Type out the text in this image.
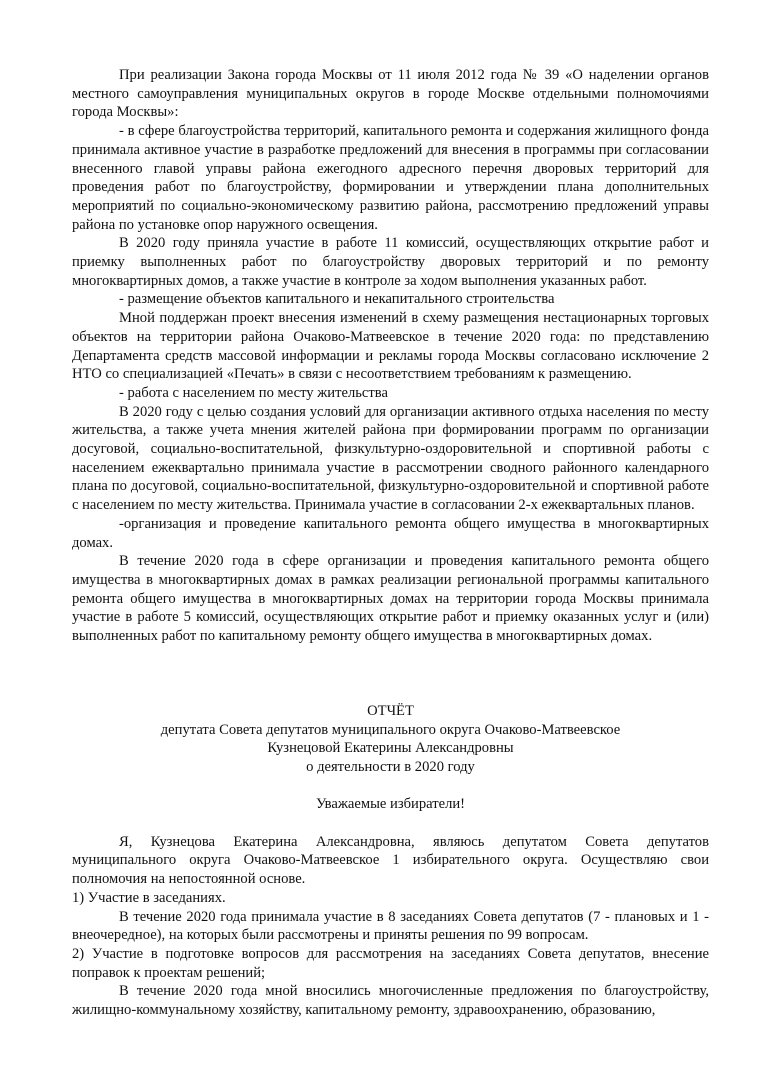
При реализации Закона города Москвы от 11 июля 2012 года № 39 «О наделении органов местного самоуправления муниципальных округов в городе Москве отдельными полномочиями города Москвы»:

- в сфере благоустройства территорий, капитального ремонта и содержания жилищного фонда принимала активное участие в разработке предложений для внесения в программы при согласовании внесенного главой управы района ежегодного адресного перечня дворовых территорий для проведения работ по благоустройству, формировании и утверждении плана дополнительных мероприятий по социально-экономическому развитию района, рассмотрению предложений управы района по установке опор наружного освещения.

В 2020 году приняла участие в работе 11 комиссий, осуществляющих открытие работ и приемку выполненных работ по благоустройству дворовых территорий и по ремонту многоквартирных домов, а также участие в контроле за ходом выполнения указанных работ.

- размещение объектов капитального и некапитального строительства

Мной поддержан проект внесения изменений в схему размещения нестационарных торговых объектов на территории района Очаково-Матвеевское в течение 2020 года: по представлению Департамента средств массовой информации и рекламы города Москвы согласовано исключение 2 НТО со специализацией «Печать» в связи с несоответствием требованиям к размещению.

- работа с населением по месту жительства

В 2020 году с целью создания условий для организации активного отдыха населения по месту жительства, а также учета мнения жителей района при формировании программ по организации досуговой, социально-воспитательной, физкультурно-оздоровительной и спортивной работы с населением ежеквартально принимала участие в рассмотрении сводного районного календарного плана по досуговой, социально-воспитательной, физкультурно-оздоровительной и спортивной работе с населением по месту жительства. Принимала участие в согласовании 2-х ежеквартальных планов.

-организация и проведение капитального ремонта общего имущества в многоквартирных домах.

В течение 2020 года в сфере организации и проведения капитального ремонта общего имущества в многоквартирных домах в рамках реализации региональной программы капитального ремонта общего имущества в многоквартирных домах на территории города Москвы принимала участие в работе 5 комиссий, осуществляющих открытие работ и приемку оказанных услуг и (или) выполненных работ по капитальному ремонту общего имущества в многоквартирных домах.

ОТЧЁТ

депутата Совета депутатов муниципального округа Очаково-Матвеевское

Кузнецовой Екатерины Александровны

о деятельности в 2020 году

Уважаемые избиратели!

Я, Кузнецова Екатерина Александровна, являюсь депутатом Совета депутатов муниципального округа Очаково-Матвеевское 1 избирательного округа. Осуществляю свои полномочия на непостоянной основе.

1) Участие в заседаниях.

В течение 2020 года принимала участие в 8 заседаниях Совета депутатов (7 - плановых и 1 - внеочередное), на которых были рассмотрены и приняты решения по 99 вопросам.

2) Участие в подготовке вопросов для рассмотрения на заседаниях Совета депутатов, внесение поправок к проектам решений;

В течение 2020 года мной вносились многочисленные предложения по благоустройству, жилищно-коммунальному хозяйству, капитальному ремонту, здравоохранению, образованию,
